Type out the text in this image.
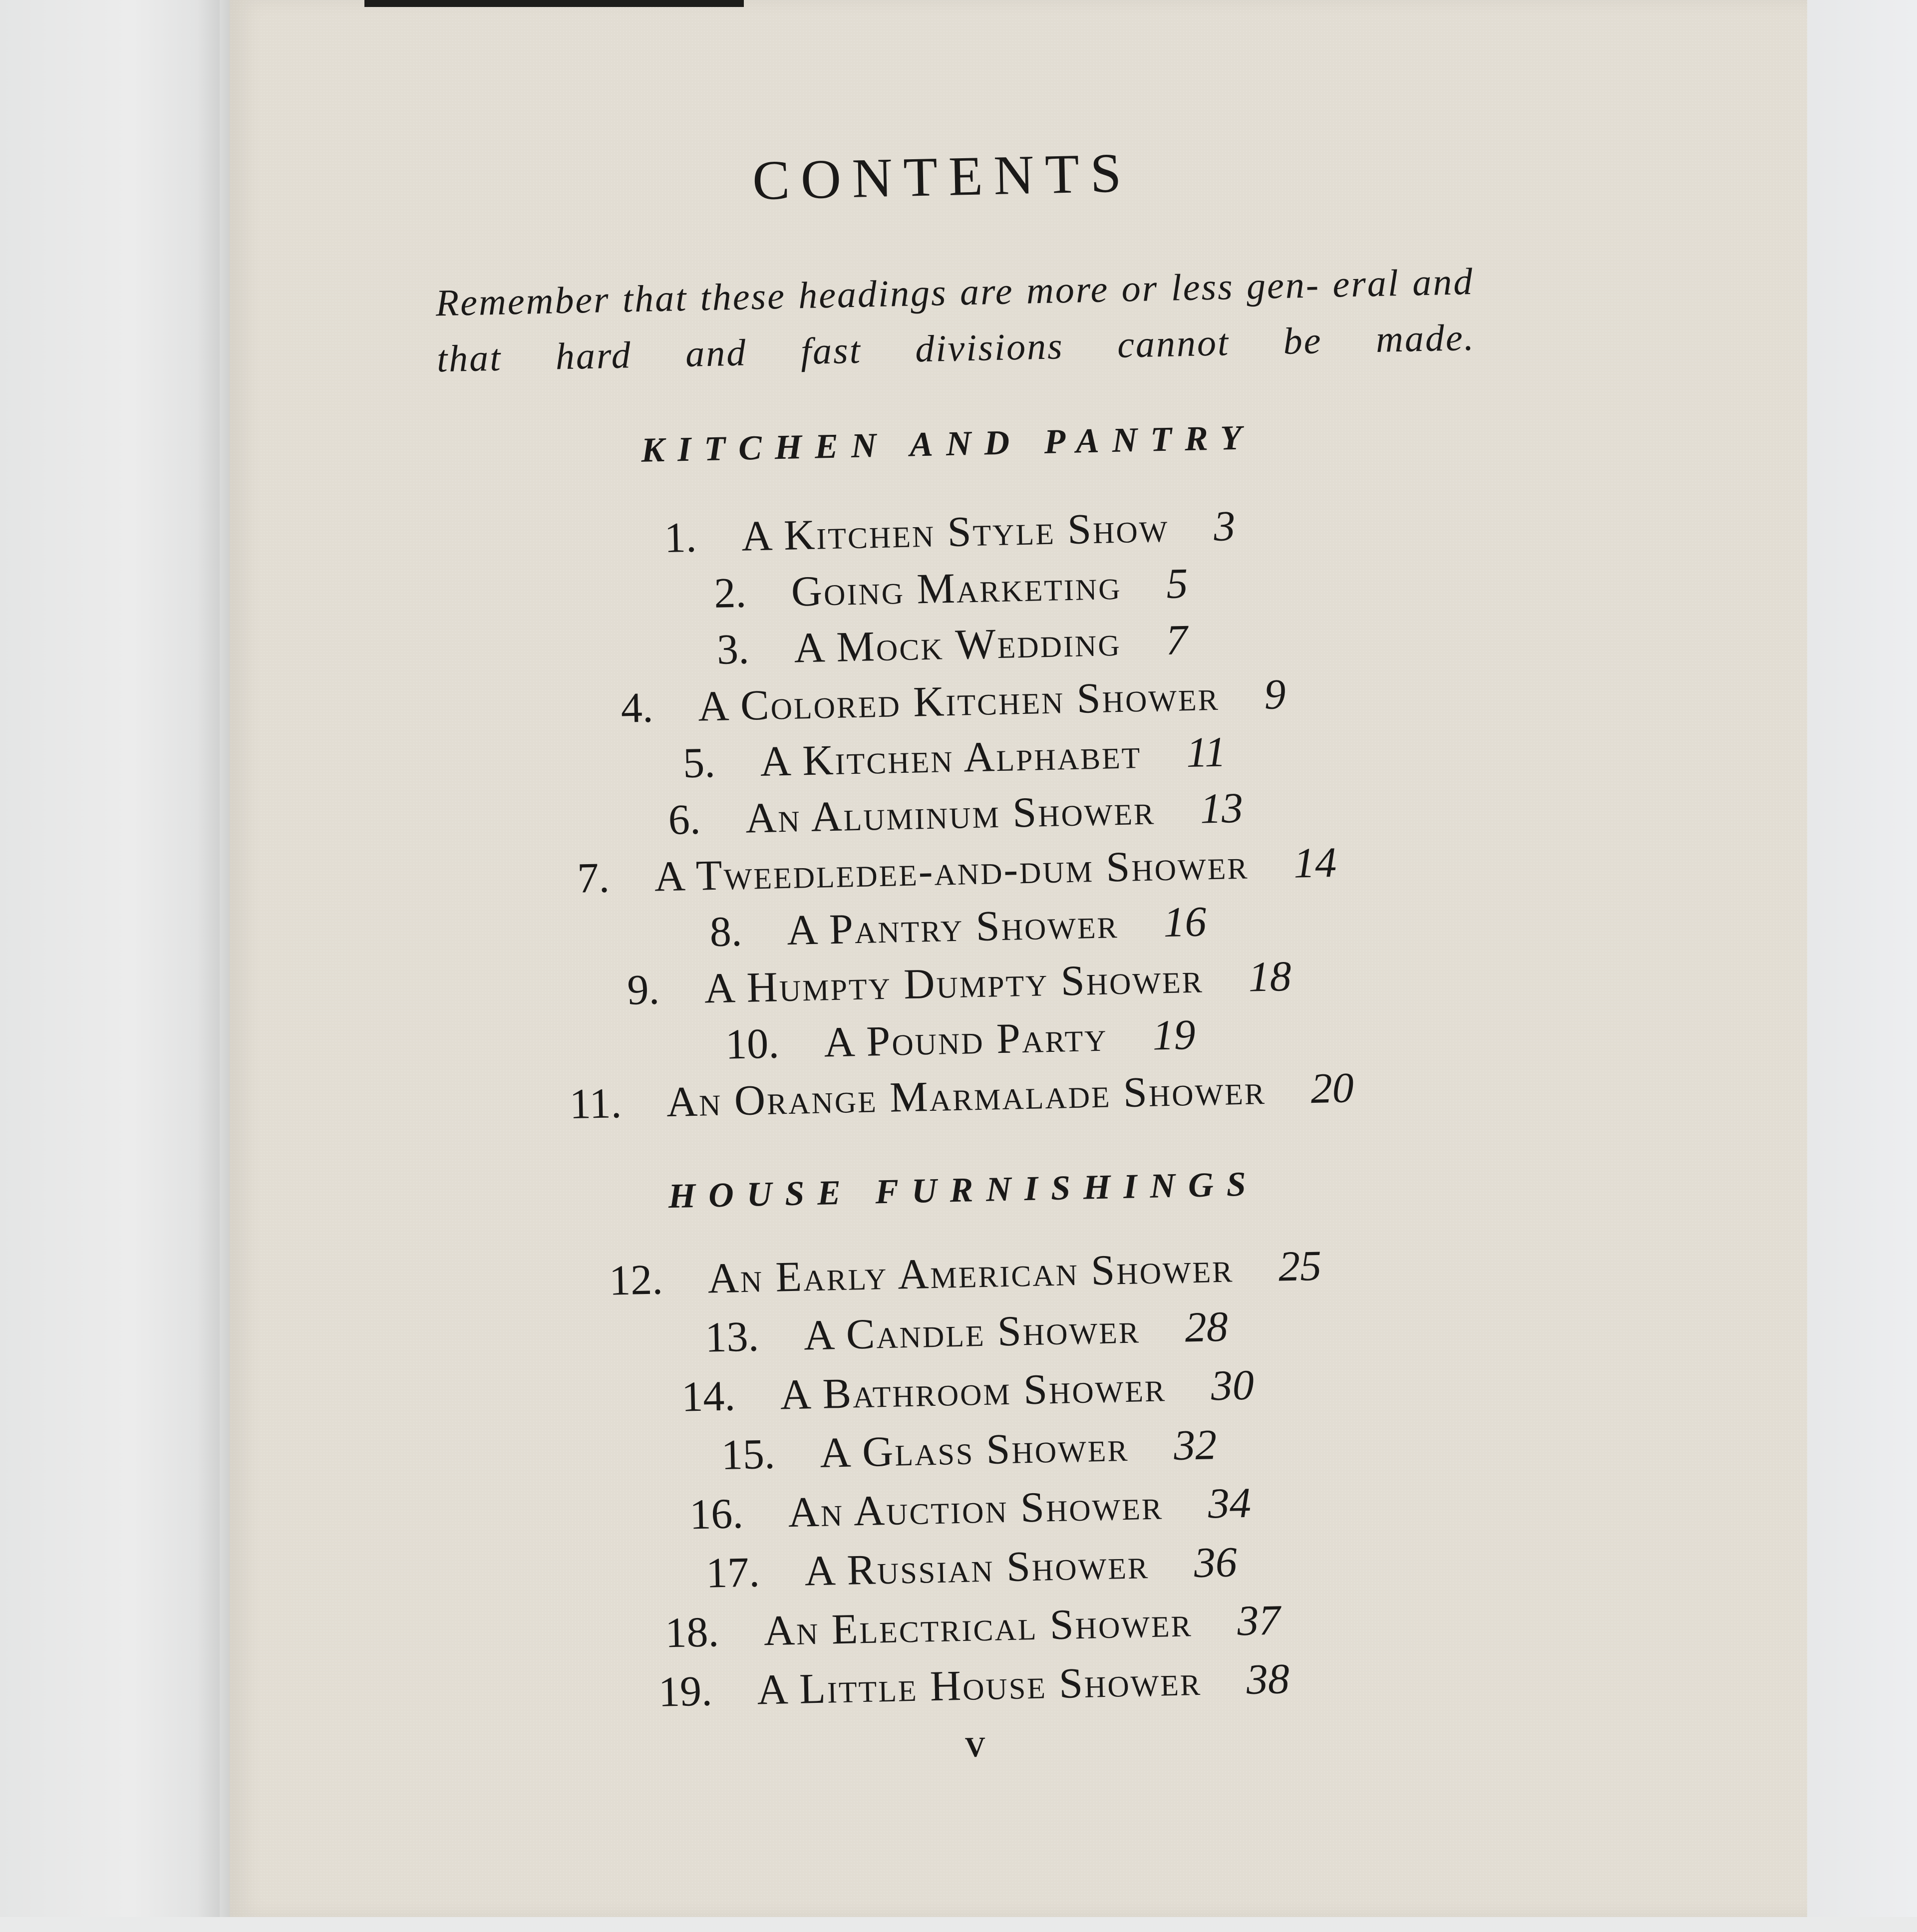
CONTENTS
Remember that these headings are more or less gen- eral and that hard and fast divisions cannot be made.
KITCHEN AND PANTRY
1. A Kitchen Style Show 3
2. Going Marketing 5
3. A Mock Wedding 7
4. A Colored Kitchen Shower 9
5. A Kitchen Alphabet 11
6. An Aluminum Shower 13
7. A Tweedledee-and-dum Shower 14
8. A Pantry Shower 16
9. A Humpty Dumpty Shower 18
10. A Pound Party 19
11. An Orange Marmalade Shower 20
HOUSE FURNISHINGS
12. An Early American Shower 25
13. A Candle Shower 28
14. A Bathroom Shower 30
15. A Glass Shower 32
16. An Auction Shower 34
17. A Russian Shower 36
18. An Electrical Shower 37
19. A Little House Shower 38
v
